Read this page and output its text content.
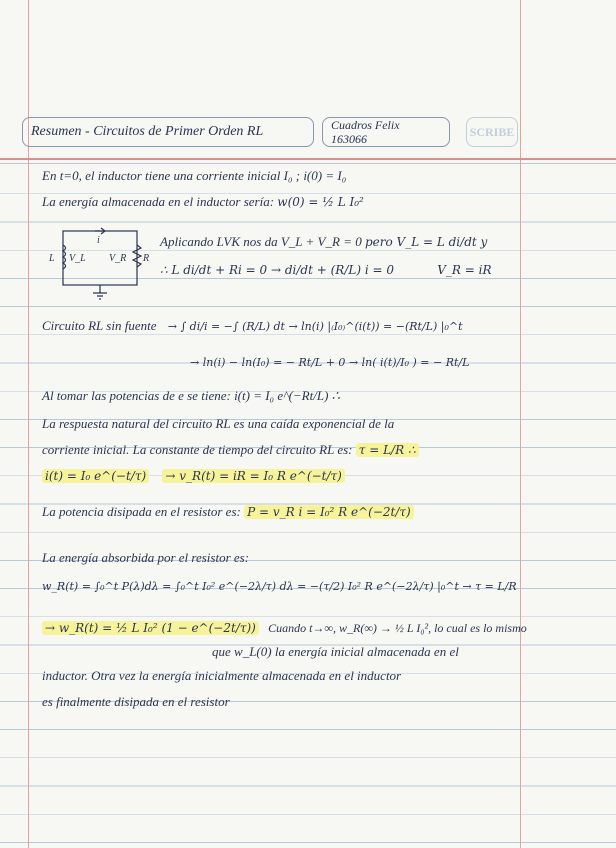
Resumen - Circuitos de Primer Orden RL	Cuadros Felix
163066
SCRIBE
En t=0, el inductor tiene una corriente inicial I₀ ; i(0) = I₀
La energía almacenada en el inductor sería: w(0) = ½ L I₀²
L V_L V_R R
i	Aplicando LVK nos da V_L + V_R = 0 pero V_L = L di/dt y
∴ L di/dt + Ri = 0 → di/dt + (R/L) i = 0	V_R = iR
Circuito RL sin fuente → ∫ di/i = −∫ (R/L) dt → ln(i) |₍I₀₎^(i(t)) = −(Rt/L) |₀^t
→ ln(i) − ln(I₀) = − Rt/L + 0 → ln( i(t)/I₀ ) = − Rt/L
Al tomar las potencias de e se tiene: i(t) = I₀ e^(−Rt/L) ∴
La respuesta natural del circuito RL es una caída exponencial de la
corriente inicial. La constante de tiempo del circuito RL es: τ = L/R ∴
i(t) = I₀ e^(−t/τ) → v_R(t) = iR = I₀ R e^(−t/τ)
La potencia disipada en el resistor es: P = v_R i = I₀² R e^(−2t/τ)
La energía absorbida por el resistor es:
w_R(t) = ∫₀^t P(λ)dλ = ∫₀^t I₀² e^(−2λ/τ) dλ = −(τ/2) I₀² R e^(−2λ/τ) |₀^t → τ = L/R
→ w_R(t) = ½ L I₀² (1 − e^(−2t/τ)) Cuando t→∞, w_R(∞) → ½ L I₀², lo cual es lo mismo
que w_L(0) la energía inicial almacenada en el
inductor. Otra vez la energía inicialmente almacenada en el inductor
es finalmente disipada en el resistor
